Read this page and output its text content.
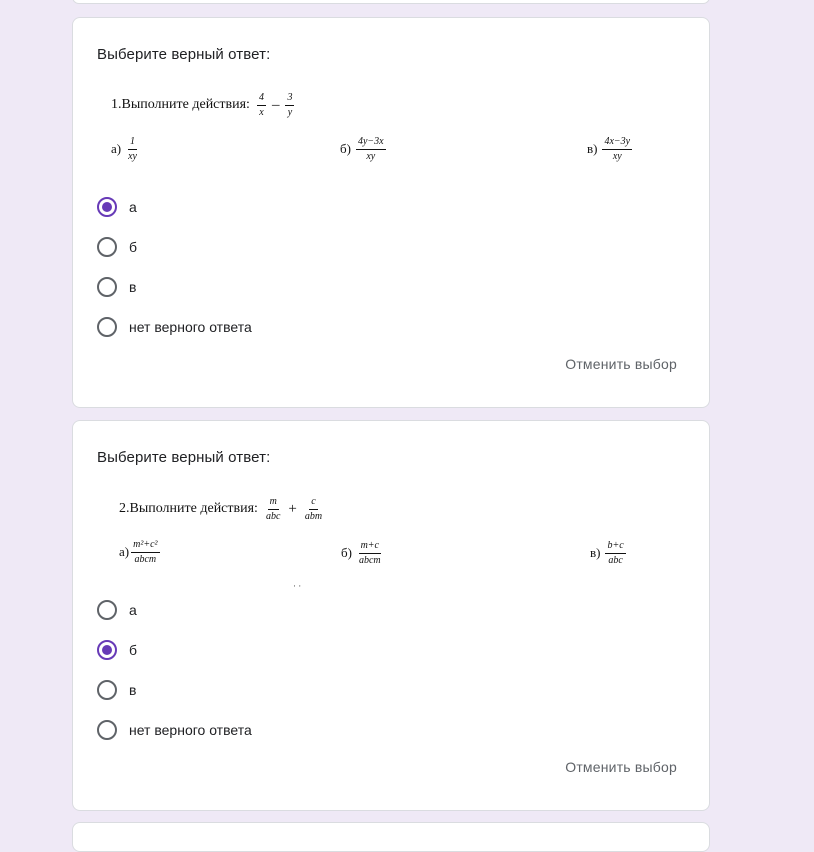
Выберите верный ответ:
1.Выполните действия: $\frac{4}{x} - \frac{3}{y}$
$а) \frac{1}{xy}$	$б) \frac{4y-3x}{xy}$	$в) \frac{4x-3y}{xy}$
а
б
в
нет верного ответа
Отменить выбор
Выберите верный ответ:
2.Выполните действия: $\frac{m}{\text{abc}} + \frac{c}{\text{abm}}$
$а) \frac{\text{m²+c²}}{\text{abcm}}$	$б) \frac{m+c}{\text{abcm}}$	$в) \frac{b+c}{\text{abc}}$
· ·
а
б
в
нет верного ответа
Отменить выбор
